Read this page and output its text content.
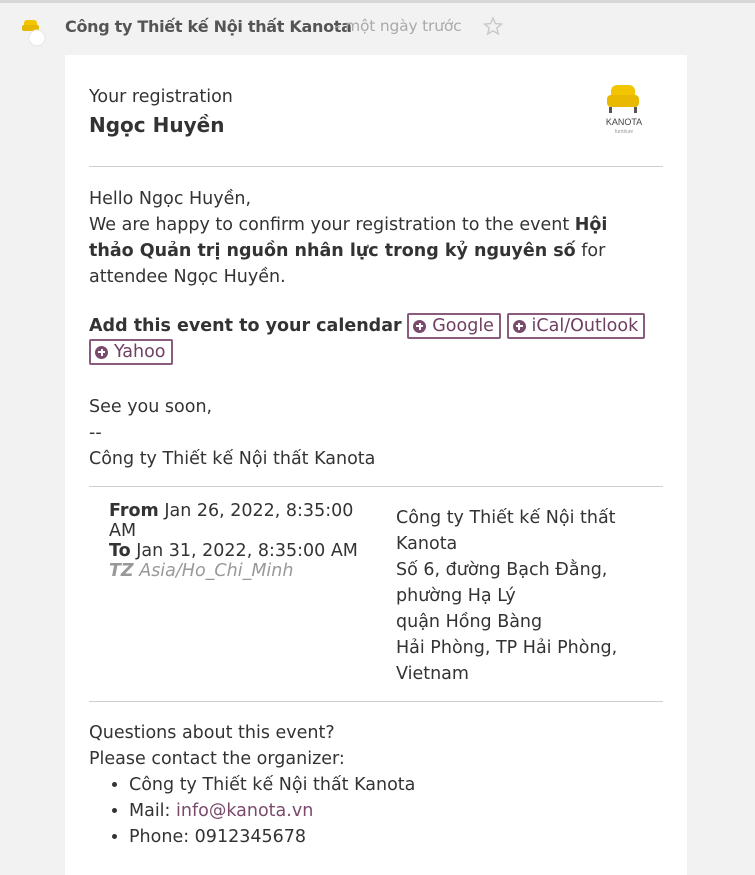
Công ty Thiết kế Nội thất Kanota
- một ngày trước
Your registration
Ngọc Huyền	KANOTA
furniture
Hello Ngọc Huyền,
We are happy to confirm your registration to the event Hội thảo Quản trị nguồn nhân lực trong kỷ nguyên số for attendee Ngọc Huyền.
Add this event to your calendar Google
iCal/Outlook

Yahoo
See you soon,
--
Công ty Thiết kế Nội thất Kanota
From Jan 26, 2022, 8:35:00 AM
To Jan 31, 2022, 8:35:00 AM
TZ Asia/Ho_Chi_Minh
Công ty Thiết kế Nội thất Kanota
Số 6, đường Bạch Đằng, phường Hạ Lý
quận Hồng Bàng
Hải Phòng, TP Hải Phòng, Vietnam
Questions about this event?
Please contact the organizer:
• Công ty Thiết kế Nội thất Kanota
• Mail: info@kanota.vn
• Phone: 0912345678
